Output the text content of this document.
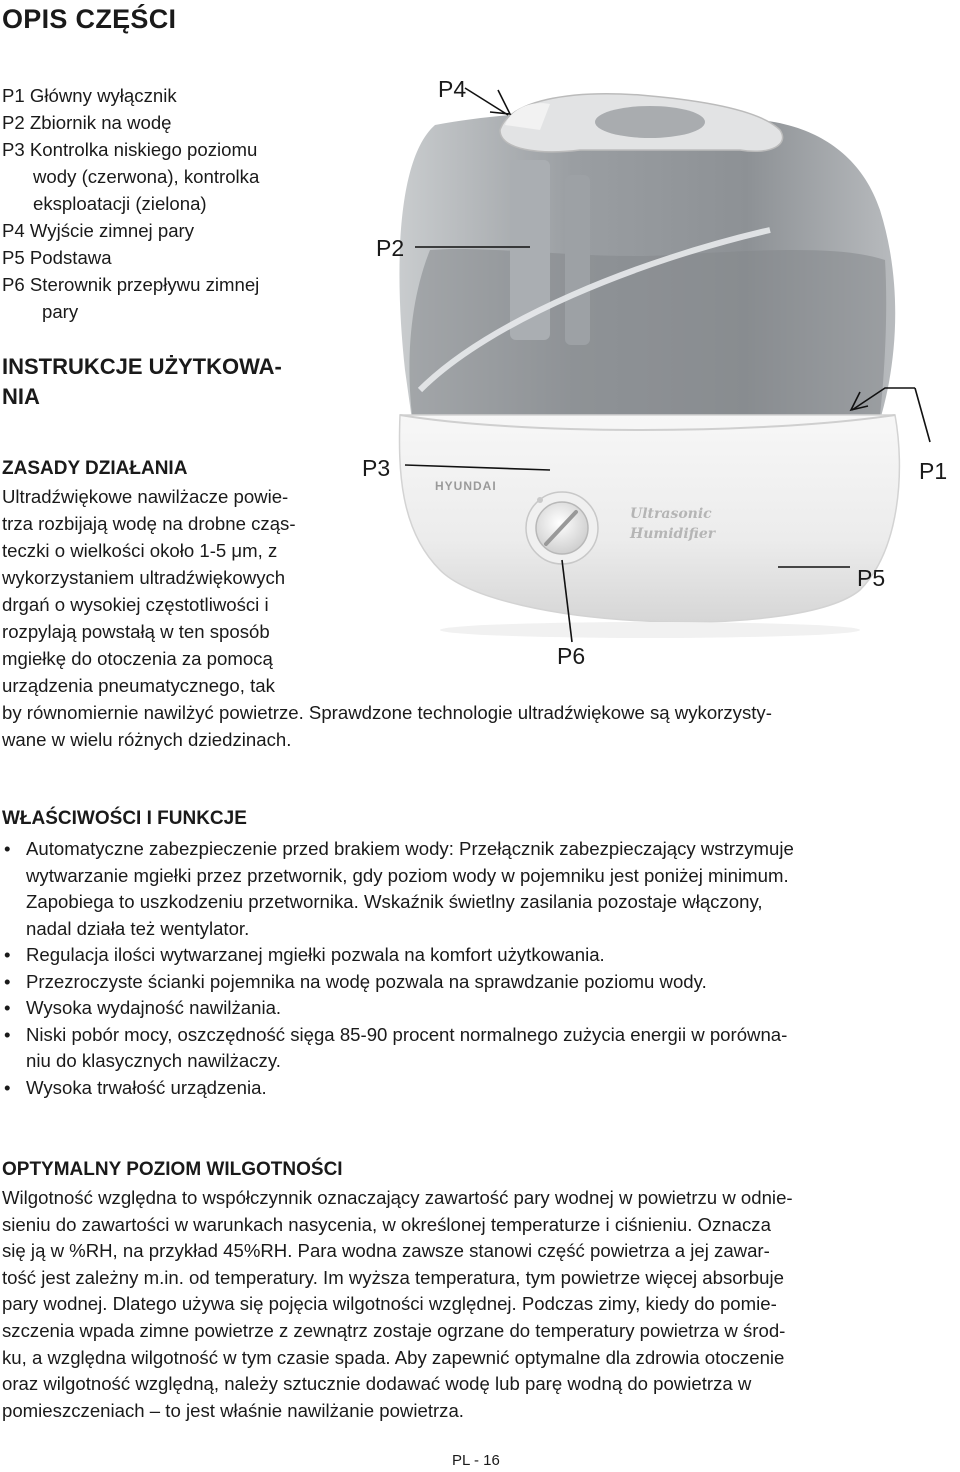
OPIS CZĘŚCI
P1 Główny wyłącznik
P2 Zbiornik na wodę
P3 Kontrolka niskiego poziomu
wody (czerwona), kontrolka
eksploatacji (zielona)
P4 Wyjście zimnej pary
P5 Podstawa
P6 Sterownik przepływu zimnej
pary
INSTRUKCJE UŻYTKOWA-
NIA
HYUNDAI
Ultrasonic
Humidifier
P4
P2
P3	P1
P5
P6
ZASADY DZIAŁANIA
Ultradźwiękowe nawilżacze powie-
trza rozbijają wodę na drobne cząs-
teczki o wielkości około 1-5 μm, z
wykorzystaniem ultradźwiękowych
drgań o wysokiej częstotliwości i
rozpylają powstałą w ten sposób
mgiełkę do otoczenia za pomocą
urządzenia pneumatycznego, tak
by równomiernie nawilżyć powietrze. Sprawdzone technologie ultradźwiękowe są wykorzysty-
wane w wielu różnych dziedzinach.
WŁAŚCIWOŚCI I FUNKCJE
• Automatyczne zabezpieczenie przed brakiem wody: Przełącznik zabezpieczający wstrzymuje
wytwarzanie mgiełki przez przetwornik, gdy poziom wody w pojemniku jest poniżej minimum.
Zapobiega to uszkodzeniu przetwornika. Wskaźnik świetlny zasilania pozostaje włączony,
nadal działa też wentylator.
• Regulacja ilości wytwarzanej mgiełki pozwala na komfort użytkowania.
• Przezroczyste ścianki pojemnika na wodę pozwala na sprawdzanie poziomu wody.
• Wysoka wydajność nawilżania.
• Niski pobór mocy, oszczędność sięga 85-90 procent normalnego zużycia energii w porówna-
niu do klasycznych nawilżaczy.
• Wysoka trwałość urządzenia.
OPTYMALNY POZIOM WILGOTNOŚCI
Wilgotność względna to współczynnik oznaczający zawartość pary wodnej w powietrzu w odnie-
sieniu do zawartości w warunkach nasycenia, w określonej temperaturze i ciśnieniu. Oznacza
się ją w %RH, na przykład 45%RH. Para wodna zawsze stanowi część powietrza a jej zawar-
tość jest zależny m.in. od temperatury. Im wyższa temperatura, tym powietrze więcej absorbuje
pary wodnej. Dlatego używa się pojęcia wilgotności względnej. Podczas zimy, kiedy do pomie-
szczenia wpada zimne powietrze z zewnątrz zostaje ogrzane do temperatury powietrza w środ-
ku, a względna wilgotność w tym czasie spada. Aby zapewnić optymalne dla zdrowia otoczenie
oraz wilgotność względną, należy sztucznie dodawać wodę lub parę wodną do powietrza w
pomieszczeniach – to jest właśnie nawilżanie powietrza.
PL - 16
